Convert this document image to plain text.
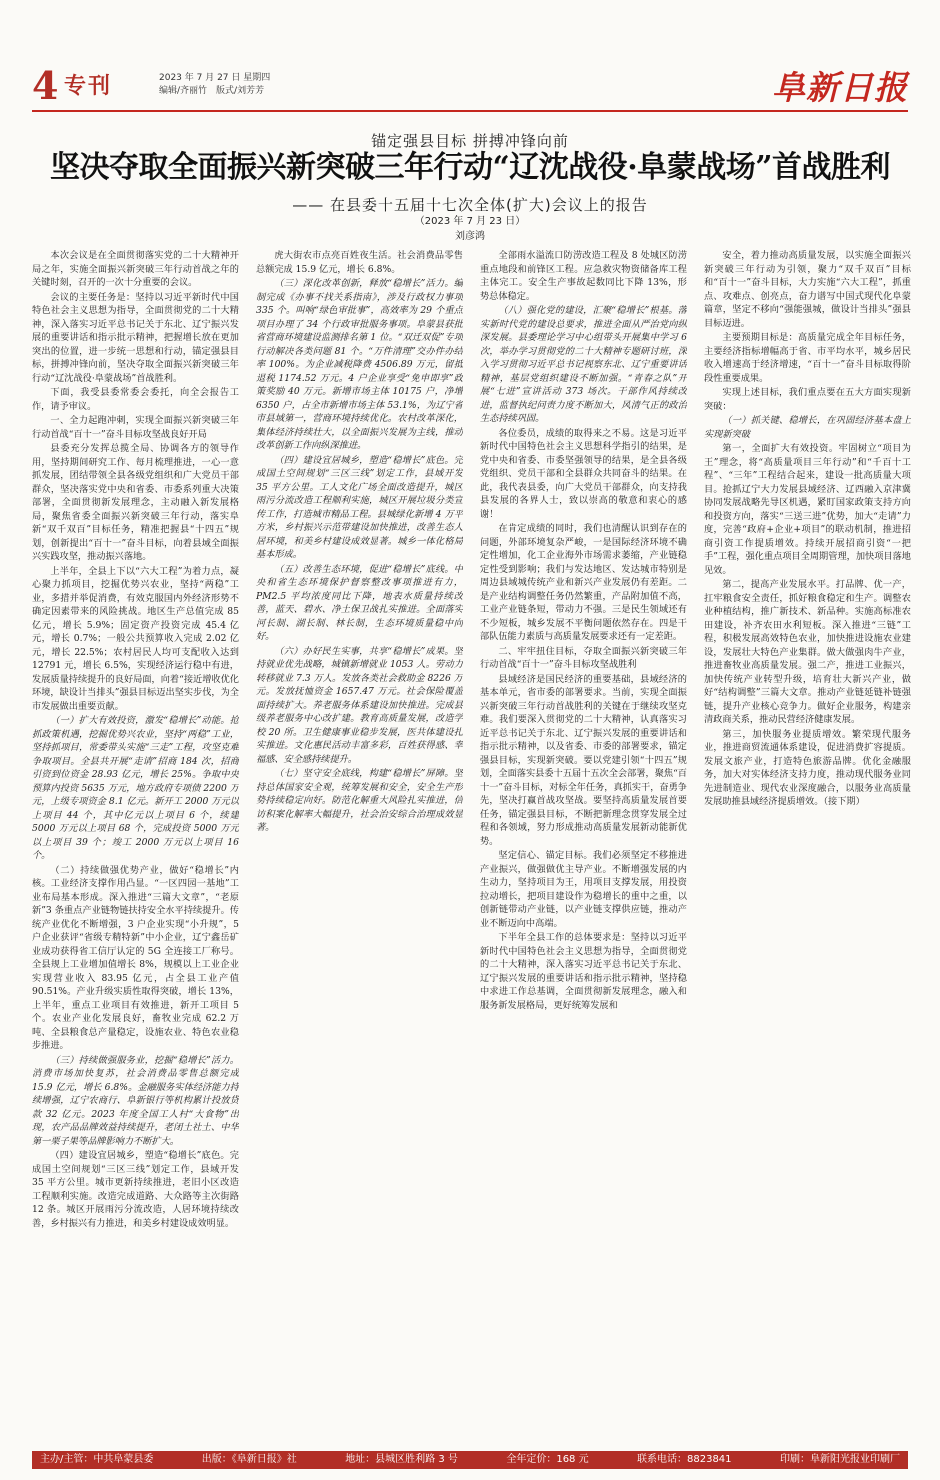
4 专刊	2023 年 7 月 27 日 星期四
编辑/齐丽竹　版式/刘芳芳	阜新日报
锚定强县目标 拼搏冲锋向前
坚决夺取全面振兴新突破三年行动“辽沈战役·阜蒙战场”首战胜利
—— 在县委十五届十七次全体(扩大)会议上的报告
（2023 年 7 月 23 日）
刘彦鸿

本次会议是在全面贯彻落实党的二十大精神开局之年，实施全面振兴新突破三年行动首战之年的关键时刻，召开的一次十分重要的会议。

会议的主要任务是：坚持以习近平新时代中国特色社会主义思想为指导，全面贯彻党的二十大精神，深入落实习近平总书记关于东北、辽宁振兴发展的重要讲话和指示批示精神，把握增长放在更加突出的位置，进一步统一思想和行动，锚定强县目标，拼搏冲锋向前，坚决夺取全面振兴新突破三年行动“辽沈战役·阜蒙战场”首战胜利。

下面，我受县委常委会委托，向全会报告工作，请予审议。

一、全力起跑冲刺，实现全面振兴新突破三年行动首战“百十一”奋斗目标攻坚战良好开局

县委充分发挥总揽全局、协调各方的领导作用，坚持期间研究工作、每月梳理推进，一心一意抓发展，团结带领全县各级党组织和广大党员干部群众，坚决落实党中央和省委、市委系列重大决策部署，全面贯彻新发展理念，主动融入新发展格局，聚焦省委全面振兴新突破三年行动，落实阜新“双千双百”目标任务，精准把握县“十四五”规划，创新提出“百十一”奋斗目标，向着县域全面振兴实践攻坚，推动振兴落地。

上半年，全县上下以“六大工程”为着力点，凝心聚力抓项目，挖掘优势兴农业，坚持“两稳”工业，多措并举促消费，有效克服国内外经济形势不确定因素带来的风险挑战。地区生产总值完成 85 亿元，增长 5.9%；固定资产投资完成 45.4 亿元，增长 0.7%；一般公共预算收入完成 2.02 亿元，增长 22.5%；农村居民人均可支配收入达到 12791 元，增长 6.5%，实现经济运行稳中有进，发展质量持续提升的良好局面，向着“接近增收优化环境，缺设计当排头”强县目标迈出坚实步伐，为全市发展做出重要贡献。

（一）扩大有效投资，激发“稳增长”动能。抢抓政策机遇，挖掘优势兴农业，坚持“两稳”工业，坚持抓项目，常委带头实施“三走”工程，攻坚克难争取项目。全县共开展“走请”招商 184 次，招商引资到位资金 28.93 亿元，增长 25%。争取中央预算内投资 5635 万元，地方政府专项债 2200 万元，上级专项资金 8.1 亿元。新开工 2000 万元以上项目 44 个，其中亿元以上项目 6 个，续建 5000 万元以上项目 68 个，完成投资 5000 万元以上项目 39 个；竣工 2000 万元以上项目 16 个。

（二）持续做强优势产业，做好“稳增长”内核。工业经济支撑作用凸显。“一区四园一基地”工业布局基本形成。深入推进“三篇大文章”，“老原新”3 条重点产业链物链扶持安全水平持续提升。传统产业优化不断增强，3 户企业实现“小升规”，5 户企业获评“省级专精特新”中小企业，辽宁鑫岳矿业成功获得省工信厅认定的 5G 全连接工厂称号。全县规上工业增加值增长 8%，规模以上工业企业实现营业收入 83.95 亿元，占全县工业产值 90.51%。产业升级实质性取得突破，增长 13%，上半年，重点工业项目有效推进，新开工项目 5 个。农业产业化发展良好，畜牧业完成 62.2 万吨、全县粮食总产量稳定，设施农业、特色农业稳步推进。

（三）持续做强服务业，挖掘“稳增长”活力。消费市场加快复苏，社会消费品零售总额完成 15.9 亿元，增长 6.8%。金融服务实体经济能力持续增强，辽宁农商行、阜新银行等机构累计投放贷款 32 亿元。2023 年度全国工人村“大食物”出现，农产品品牌效益持续提升，老闭土社土、中华第一栗子果等品牌影响力不断扩大。

（四）建设宜居城乡，塑造“稳增长”底色。完成国土空间规划“三区三线”划定工作，县域开发 35 平方公里。城市更新持续推进，老旧小区改造工程顺利实施。改造完成道路、大众路等主次街路 12 条。城区开展雨污分流改造，人居环境持续改善，乡村振兴有力推进，和美乡村建设成效明显。

虎大街农市点亮百姓夜生活。社会消费品零售总额完成 15.9 亿元，增长 6.8%。

（三）深化改革创新，释放“稳增长”活力。编制完成《办事不找关系指南》，涉及行政权力事项 335 个。叫响“绿色审批事”，高效率为 29 个重点项目办理了 34 个行政审批服务事项。阜蒙县获批省营商环境建设监测排名第 1 位。“双迁双促”专项行动解决各类问题 81 个。“万件清理”交办件办结率 100%。为企业减税降费 4506.89 万元，留抵退税 1174.52 万元。4 户企业享受“免申即享”政策奖励 40 万元。新增市场主体 10175 户，净增 6350 户，占全市新增市场主体 53.1%，为辽宁省市县域第一，营商环境持续优化。农村改革深化，集体经济持续壮大，以全面振兴发展为主线，推动改革创新工作向纵深推进。

（四）建设宜居城乡，塑造“稳增长”底色。完成国土空间规划“三区三线”划定工作，县域开发 35 平方公里。工人文化广场全面改造提升，城区雨污分流改造工程顺利实施，城区开展垃圾分类宣传工作，打造城市精品工程。县城绿化新增 4 万平方米，乡村振兴示范带建设加快推进，改善生态人居环境，和美乡村建设成效显著。城乡一体化格局基本形成。

（五）改善生态环境，促进“稳增长”底线。中央和省生态环境保护督察整改事项推进有力，PM2.5 平均浓度同比下降，地表水质量持续改善，蓝天、碧水、净土保卫战扎实推进。全面落实河长制、湖长制、林长制，生态环境质量稳中向好。

（六）办好民生实事，共享“稳增长”成果。坚持就业优先战略，城镇新增就业 1053 人。劳动力转移就业 7.3 万人。发放各类社会救助金 8226 万元。发放抚恤资金 1657.47 万元。社会保险覆盖面持续扩大。养老服务体系建设加快推进。完成县级养老服务中心改扩建。教育高质量发展，改造学校 20 所。卫生健康事业稳步发展，医共体建设扎实推进。文化惠民活动丰富多彩，百姓获得感、幸福感、安全感持续提升。

（七）坚守安全底线，构建“稳增长”屏障。坚持总体国家安全观，统筹发展和安全，安全生产形势持续稳定向好。防范化解重大风险扎实推进，信访积案化解率大幅提升，社会治安综合治理成效显著。

全部雨水溢流口防涝改造工程及 8 处城区防涝重点地段和前锋区工程。应急救灾物资储备库工程主体完工。安全生产事故起数同比下降 13%，形势总体稳定。

（八）强化党的建设，汇聚“稳增长”根基。落实新时代党的建设总要求，推进全面从严治党向纵深发展。县委理论学习中心组带头开展集中学习 6 次，举办学习贯彻党的二十大精神专题研讨班，深入学习贯彻习近平总书记视察东北、辽宁重要讲话精神，基层党组织建设不断加强。“青春之队”开展“七进”宣讲活动 373 场次。干部作风持续改进，监督执纪问责力度不断加大，风清气正的政治生态持续巩固。

各位委员，成绩的取得来之不易。这是习近平新时代中国特色社会主义思想科学指引的结果，是党中央和省委、市委坚强领导的结果，是全县各级党组织、党员干部和全县群众共同奋斗的结果。在此，我代表县委，向广大党员干部群众，向支持我县发展的各界人士，致以崇高的敬意和衷心的感谢！

在肯定成绩的同时，我们也清醒认识到存在的问题，外部环境复杂严峻，一是国际经济环境不确定性增加，化工企业海外市场需求萎缩，产业链稳定性受到影响；我们与发达地区、发达城市特别是周边县域城传统产业和新兴产业发展仍有差距。二是产业结构调整任务仍然繁重，产品附加值不高，工业产业链条短，带动力不强。三是民生领域还有不少短板，城乡发展不平衡问题依然存在。四是干部队伍能力素质与高质量发展要求还有一定差距。

二、牢牢扭住目标，夺取全面振兴新突破三年行动首战“百十一”奋斗目标攻坚战胜利

县域经济是国民经济的重要基础，县域经济的基本单元，省市委的部署要求。当前，实现全面振兴新突破三年行动首战胜利的关键在于继续攻坚克难。我们要深入贯彻党的二十大精神，认真落实习近平总书记关于东北、辽宁振兴发展的重要讲话和指示批示精神，以及省委、市委的部署要求，锚定强县目标，实现新突破。要以党建引领“十四五”规划，全面落实县委十五届十五次全会部署，聚焦“百十一”奋斗目标，对标全年任务，真抓实干，奋勇争先，坚决打赢首战攻坚战。要坚持高质量发展首要任务，锚定强县目标，不断把新理念贯穿发展全过程和各领域，努力形成推动高质量发展新动能新优势。

坚定信心、锚定目标。我们必须坚定不移推进产业振兴，做强做优主导产业。不断增强发展的内生动力，坚持项目为王，用项目支撑发展，用投资拉动增长，把项目建设作为稳增长的重中之重，以创新链带动产业链，以产业链支撑供应链，推动产业不断迈向中高端。

下半年全县工作的总体要求是：坚持以习近平新时代中国特色社会主义思想为指导，全面贯彻党的二十大精神，深入落实习近平总书记关于东北、辽宁振兴发展的重要讲话和指示批示精神，坚持稳中求进工作总基调，全面贯彻新发展理念，融入和服务新发展格局，更好统筹发展和

安全，着力推动高质量发展，以实施全面振兴新突破三年行动为引领，聚力“双千双百”目标和“百十一”奋斗目标，大力实施“六大工程”，抓重点、攻难点、创亮点，奋力谱写中国式现代化阜蒙篇章，坚定不移向“强能强城，做设计当排头”强县目标迈进。

主要预期目标是：高质量完成全年目标任务，主要经济指标增幅高于省、市平均水平，城乡居民收入增速高于经济增速，“百十一”奋斗目标取得阶段性重要成果。

实现上述目标，我们重点要在五大方面实现新突破：

（一）抓关键、稳增长，在巩固经济基本盘上实现新突破

第一，全面扩大有效投资。牢固树立“项目为王”理念，将“高质量项目三年行动”和“千百十工程”、“三年”工程结合起来，建设一批高质量大项目。抢抓辽宁大力发展县域经济、辽西融入京津冀协同发展战略先导区机遇，紧盯国家政策支持方向和投资方向，落实“三送三进”优势，加大“走请”力度，完善“政府+企业+项目”的联动机制，推进招商引资工作提质增效。持续开展招商引资“一把手”工程，强化重点项目全周期管理，加快项目落地见效。

第二，提高产业发展水平。打品牌、优一产，扛牢粮食安全责任，抓好粮食稳定和生产。调整农业种植结构，推广新技术、新品种。实施高标准农田建设，补齐农田水利短板。深入推进“三链”工程，积极发展高效特色农业，加快推进设施农业建设，发展壮大特色产业集群。做大做强肉牛产业，推进畜牧业高质量发展。强二产，推进工业振兴，加快传统产业转型升级，培育壮大新兴产业，做好“结构调整”三篇大文章。推动产业链延链补链强链，提升产业核心竞争力。做好企业服务，构建亲清政商关系，推动民营经济健康发展。

第三，加快服务业提质增效。繁荣现代服务业，推进商贸流通体系建设，促进消费扩容提质。发展文旅产业，打造特色旅游品牌。优化金融服务，加大对实体经济支持力度，推动现代服务业同先进制造业、现代农业深度融合，以服务业高质量发展助推县域经济提质增效。（接下期）

主办/主管：中共阜蒙县委	出版：《阜新日报》社	地址：县城区胜利路 3 号	全年定价：168 元	联系电话：8823841	印刷：阜新阳光报业印刷厂
